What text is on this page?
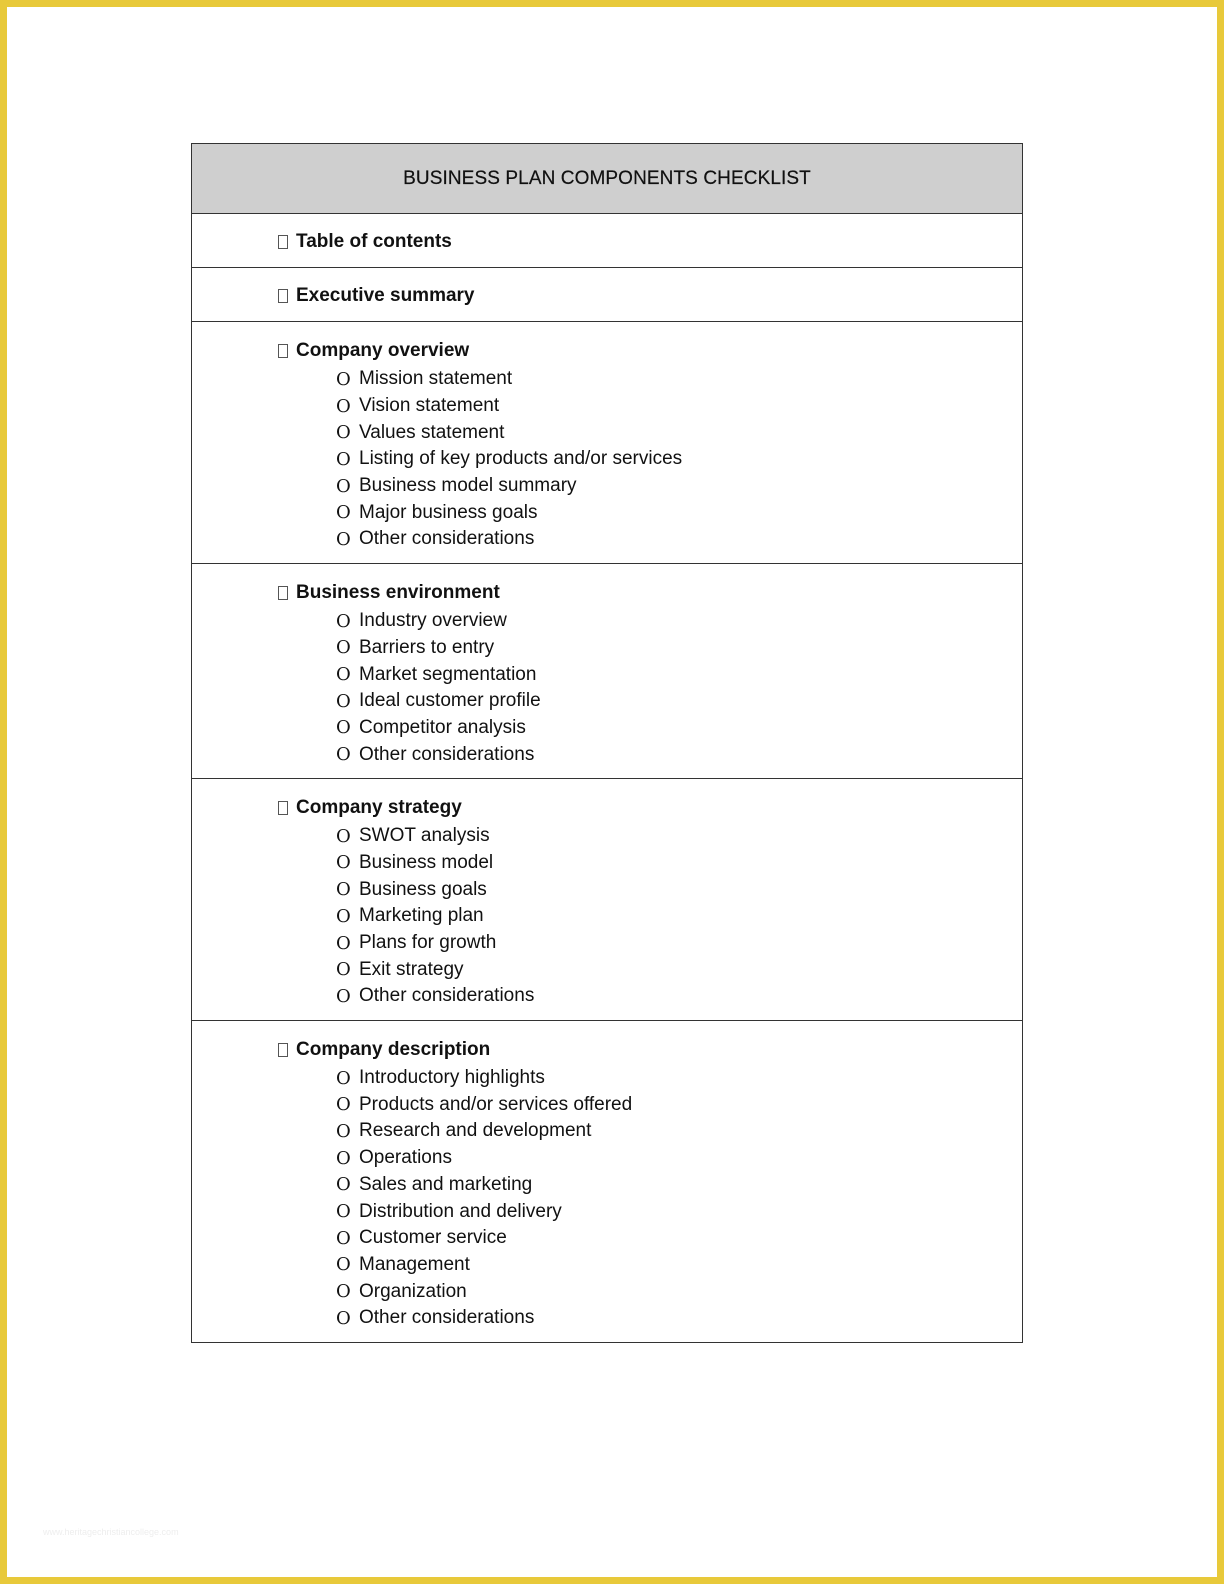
BUSINESS PLAN COMPONENTS CHECKLIST
Table of contents
Executive summary
Company overview
O Mission statement
O Vision statement
O Values statement
O Listing of key products and/or services
O Business model summary
O Major business goals
O Other considerations
Business environment
O Industry overview
O Barriers to entry
O Market segmentation
O Ideal customer profile
O Competitor analysis
O Other considerations
Company strategy
O SWOT analysis
O Business model
O Business goals
O Marketing plan
O Plans for growth
O Exit strategy
O Other considerations
Company description
O Introductory highlights
O Products and/or services offered
O Research and development
O Operations
O Sales and marketing
O Distribution and delivery
O Customer service
O Management
O Organization
O Other considerations
www.heritagechristiancollege.com
